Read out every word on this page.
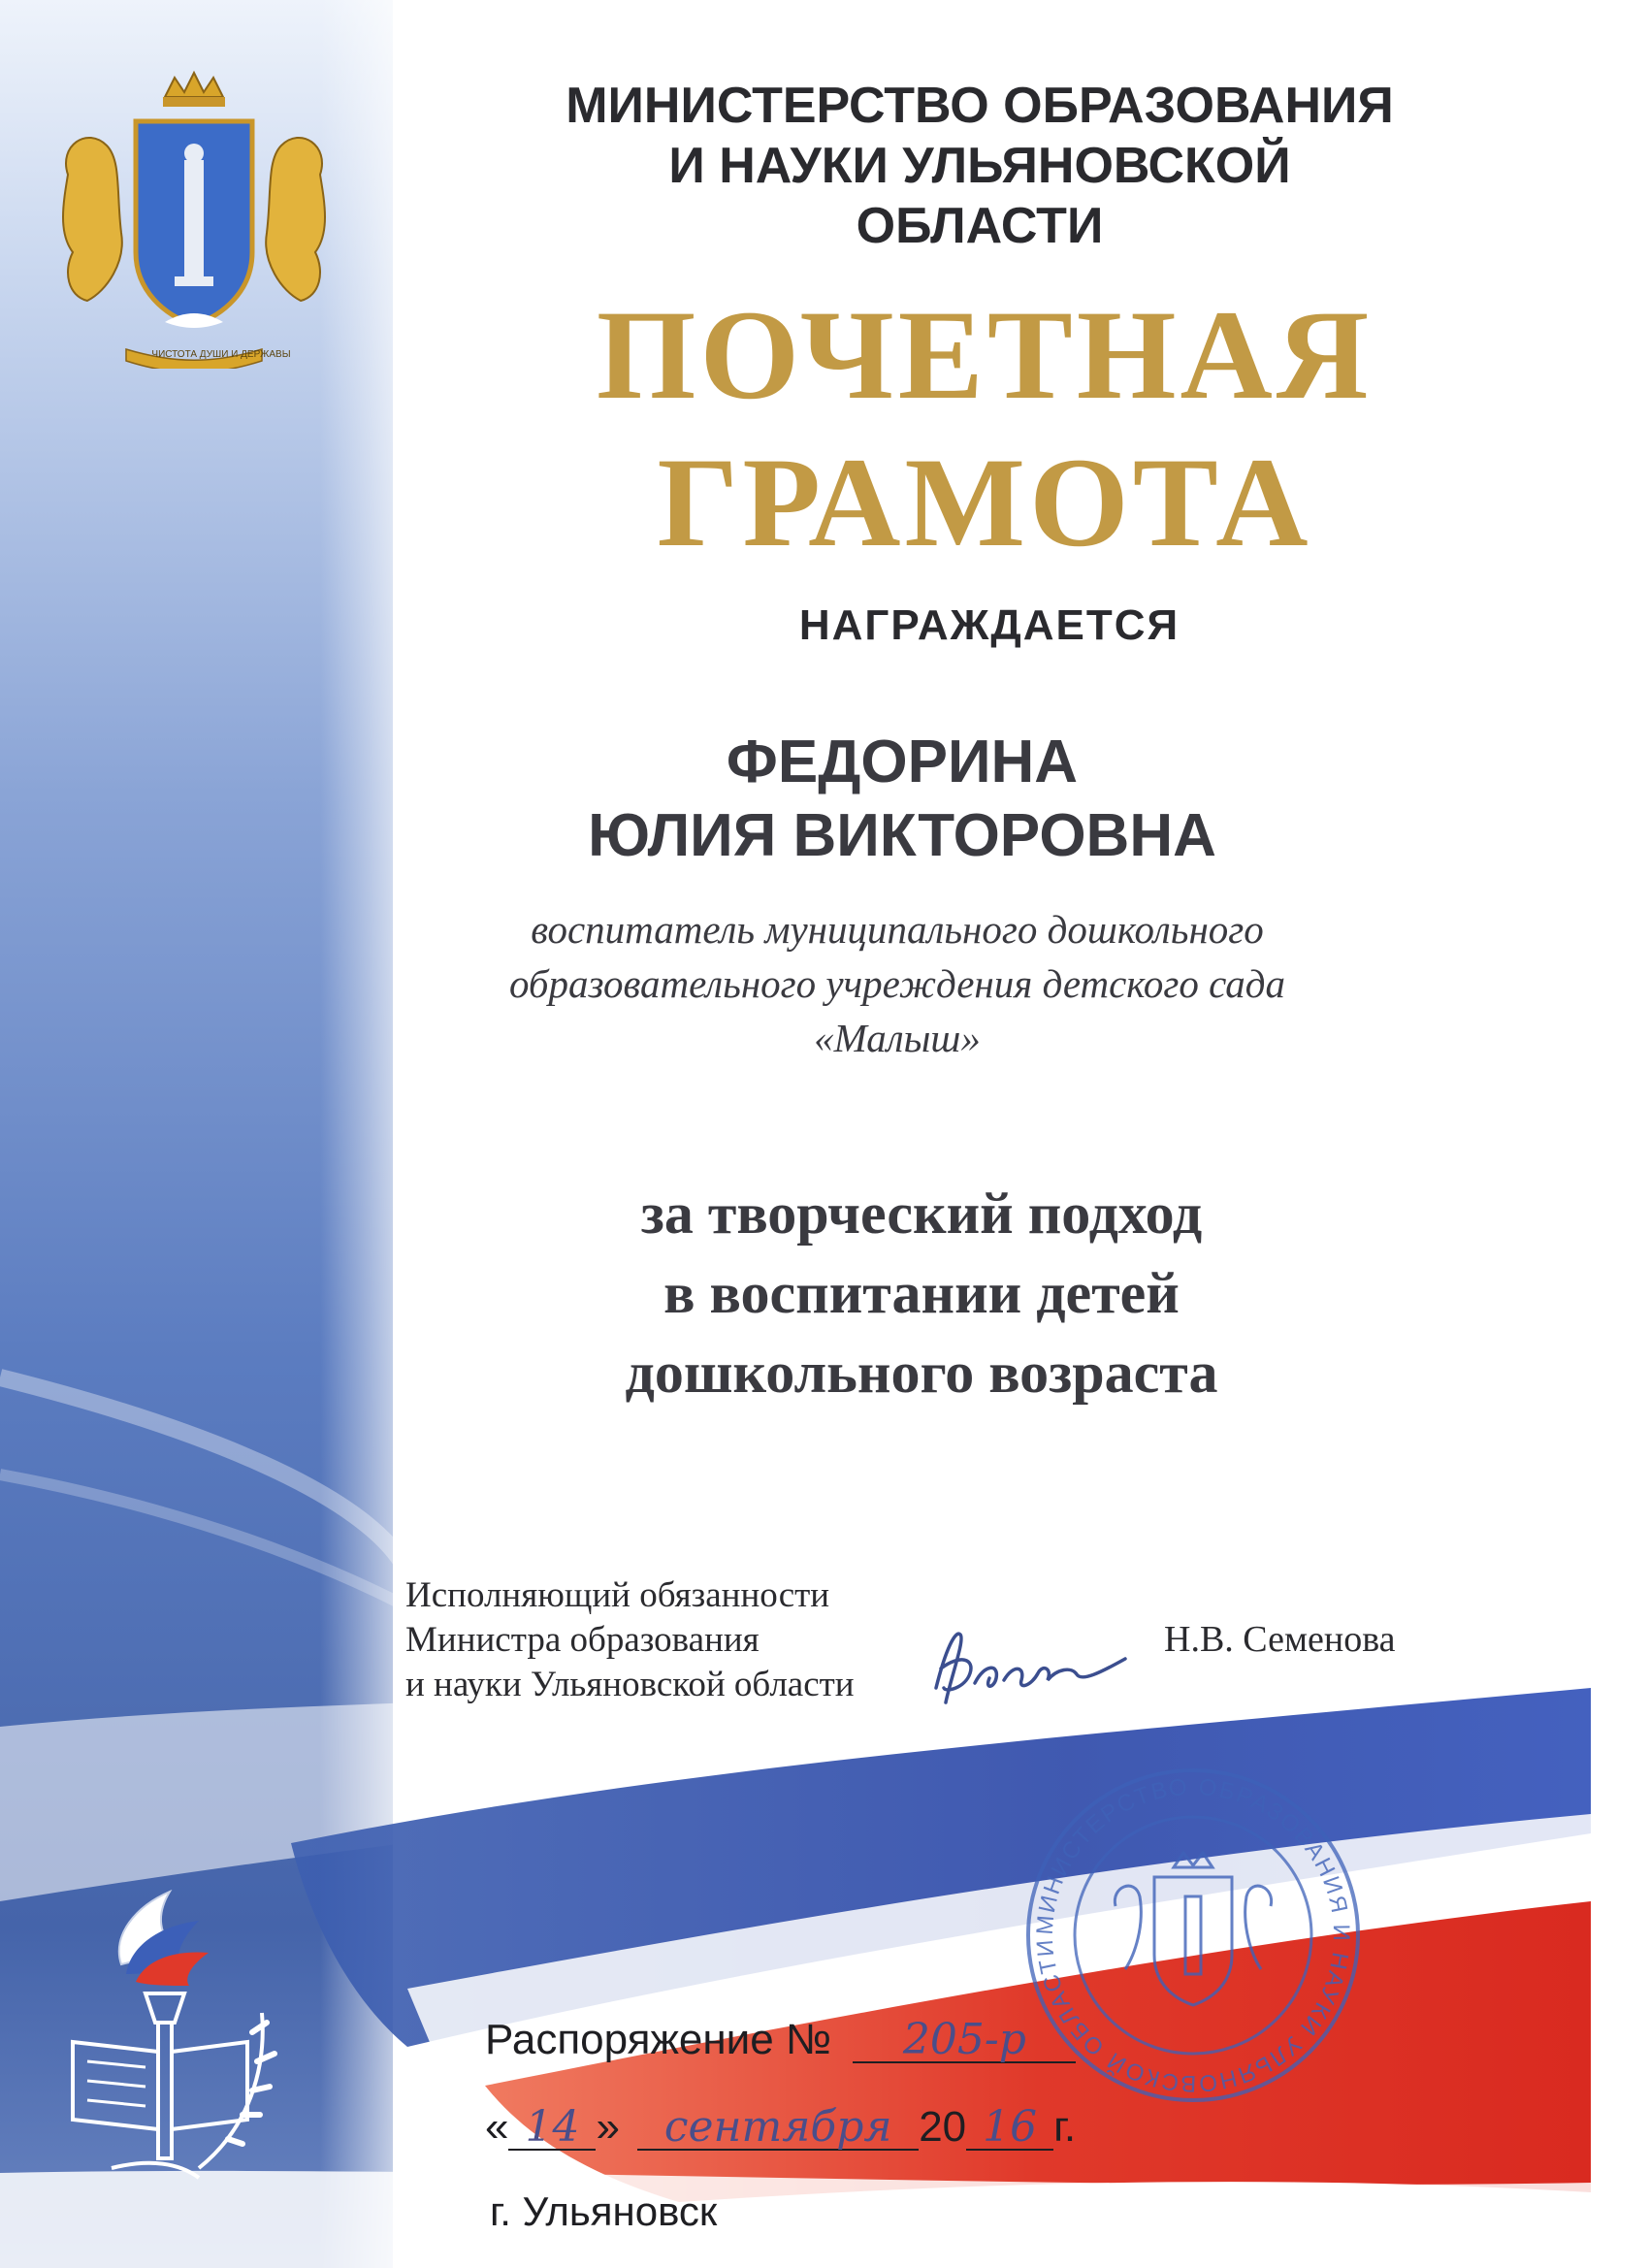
ЧИСТОТА ДУШИ И ДЕРЖАВЫ
МИНИСТЕРСТВО ОБРАЗОВАНИЯ
И НАУКИ УЛЬЯНОВСКОЙ
ОБЛАСТИ
ПОЧЕТНАЯ
ГРАМОТА
НАГРАЖДАЕТСЯ
ФЕДОРИНА
ЮЛИЯ ВИКТОРОВНА
воспитатель муниципального дошкольного
образовательного учреждения детского сада
«Малыш»
за творческий подход
в воспитании детей
дошкольного возраста
Исполняющий обязанности
Министра образования
и науки Ульяновской области
Н.В. Семенова
МИНИСТЕРСТВО ОБРАЗОВАНИЯ И НАУКИ УЛЬЯНОВСКОЙ ОБЛАСТИ
Распоряжение № 205-р
« 14 » сентября 20 16 г.
г. Ульяновск
